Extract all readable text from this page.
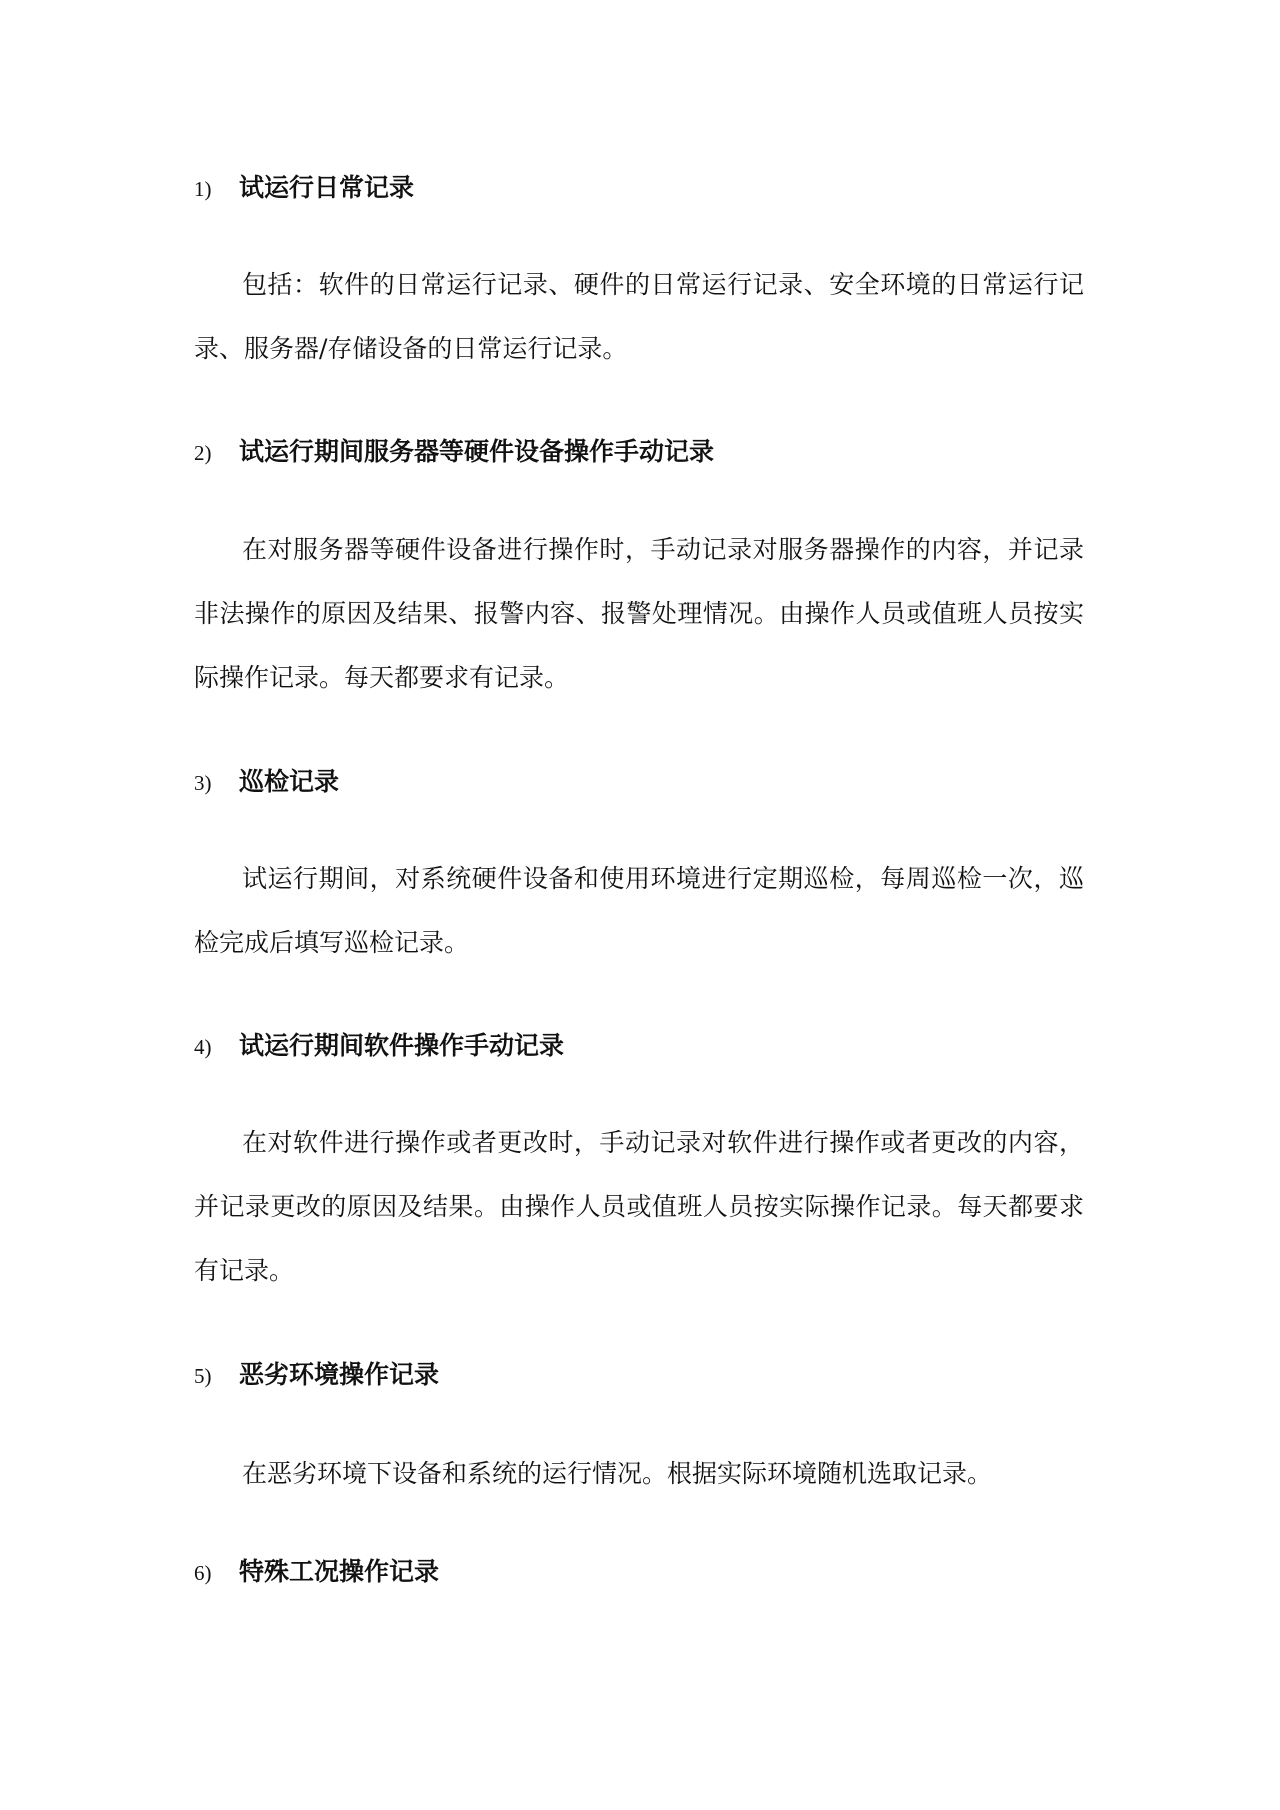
1) 试运行日常记录
包括：软件的日常运行记录、硬件的日常运行记录、安全环境的日常运行记录、服务器/存储设备的日常运行记录。
2) 试运行期间服务器等硬件设备操作手动记录
在对服务器等硬件设备进行操作时，手动记录对服务器操作的内容，并记录非法操作的原因及结果、报警内容、报警处理情况。由操作人员或值班人员按实际操作记录。每天都要求有记录。
3) 巡检记录
试运行期间，对系统硬件设备和使用环境进行定期巡检，每周巡检一次，巡检完成后填写巡检记录。
4) 试运行期间软件操作手动记录
在对软件进行操作或者更改时，手动记录对软件进行操作或者更改的内容，并记录更改的原因及结果。由操作人员或值班人员按实际操作记录。每天都要求有记录。
5) 恶劣环境操作记录
在恶劣环境下设备和系统的运行情况。根据实际环境随机选取记录。
6) 特殊工况操作记录
